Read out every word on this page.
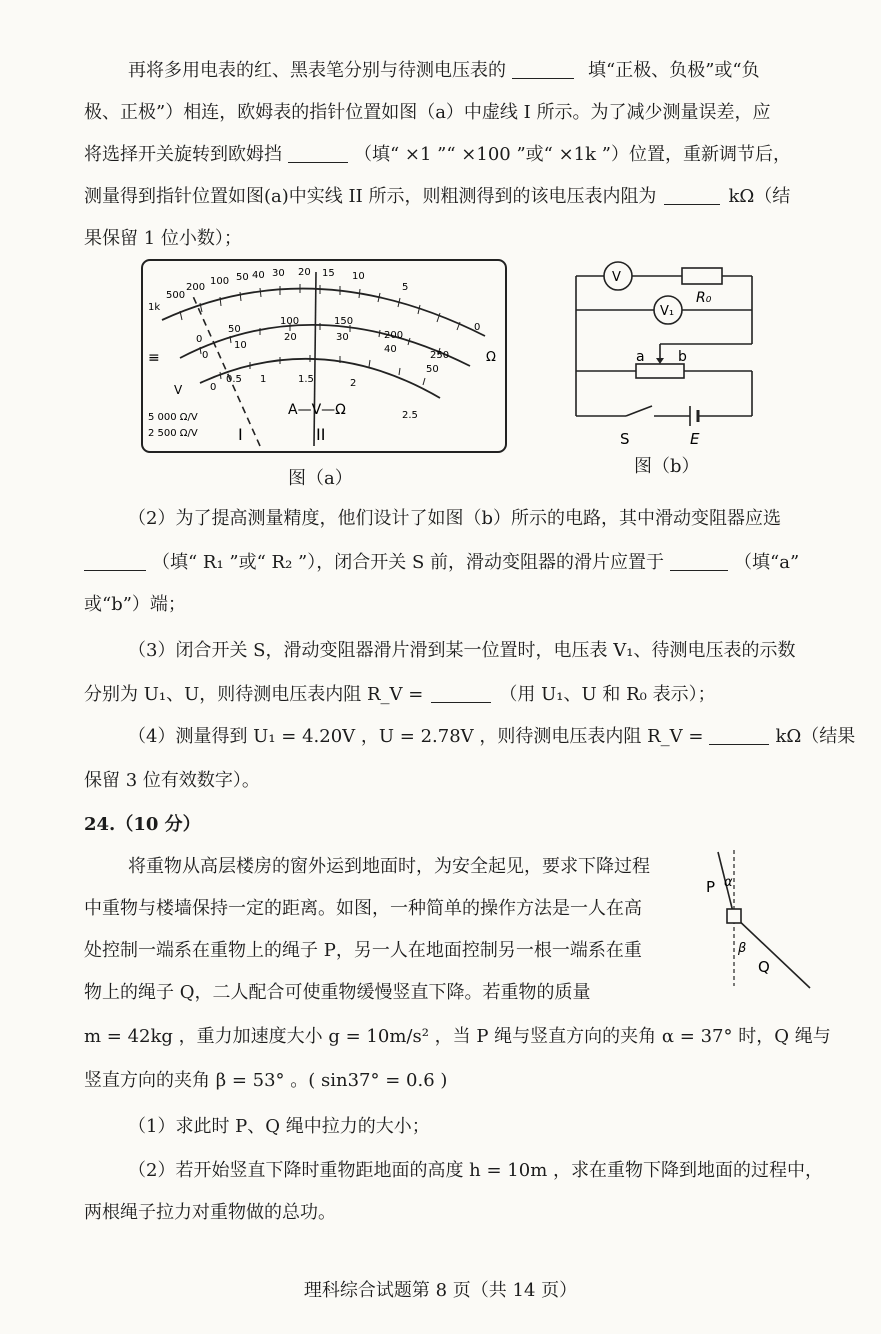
再将多用电表的红、黑表笔分别与待测电压表的	填“正极、负极”或“负

极、正极”）相连，欧姆表的指针位置如图（a）中虚线 I 所示。为了减少测量误差，应

将选择开关旋转到欧姆挡	（填“ ×1 ”“ ×100 ”或“ ×1k ”）位置，重新调节后，

测量得到指针位置如图(a)中实线 II 所示，则粗测得到的该电压表内阻为	kΩ（结

果保留 1 位小数）；

1k
500
200
100 50 40 30 20 15 10
5
0
Ω
0
50
100	150
200
250
0
10
20	30
40
50
0
0.5 1	1.5	2
2.5
≡
V
5 000 Ω/V
2 500 Ω/V
A—V—Ω
I	II
图（a）
V
V₁
R₀
a b
S	E
图（b）

（2）为了提高测量精度，他们设计了如图（b）所示的电路，其中滑动变阻器应选

（填“ R₁ ”或“ R₂ ”），闭合开关 S 前，滑动变阻器的滑片应置于	（填“a”

或“b”）端；

（3）闭合开关 S，滑动变阻器滑片滑到某一位置时，电压表 V₁、待测电压表的示数

分别为 U₁、U，则待测电压表内阻 R_V =	（用 U₁、U 和 R₀ 表示）；

（4）测量得到 U₁ = 4.20V ，U = 2.78V ，则待测电压表内阻 R_V =	kΩ（结果

保留 3 位有效数字）。

24.（10 分）

将重物从高层楼房的窗外运到地面时，为安全起见，要求下降过程

中重物与楼墙保持一定的距离。如图，一种简单的操作方法是一人在高

处控制一端系在重物上的绳子 P，另一人在地面控制另一根一端系在重

物上的绳子 Q，二人配合可使重物缓慢竖直下降。若重物的质量

m = 42kg ，重力加速度大小 g = 10m/s² ，当 P 绳与竖直方向的夹角 α = 37° 时，Q 绳与

竖直方向的夹角 β = 53° 。( sin37° = 0.6 )

（1）求此时 P、Q 绳中拉力的大小；

（2）若开始竖直下降时重物距地面的高度 h = 10m ，求在重物下降到地面的过程中，

两根绳子拉力对重物做的总功。

P α
β
Q
理科综合试题第 8 页（共 14 页）
